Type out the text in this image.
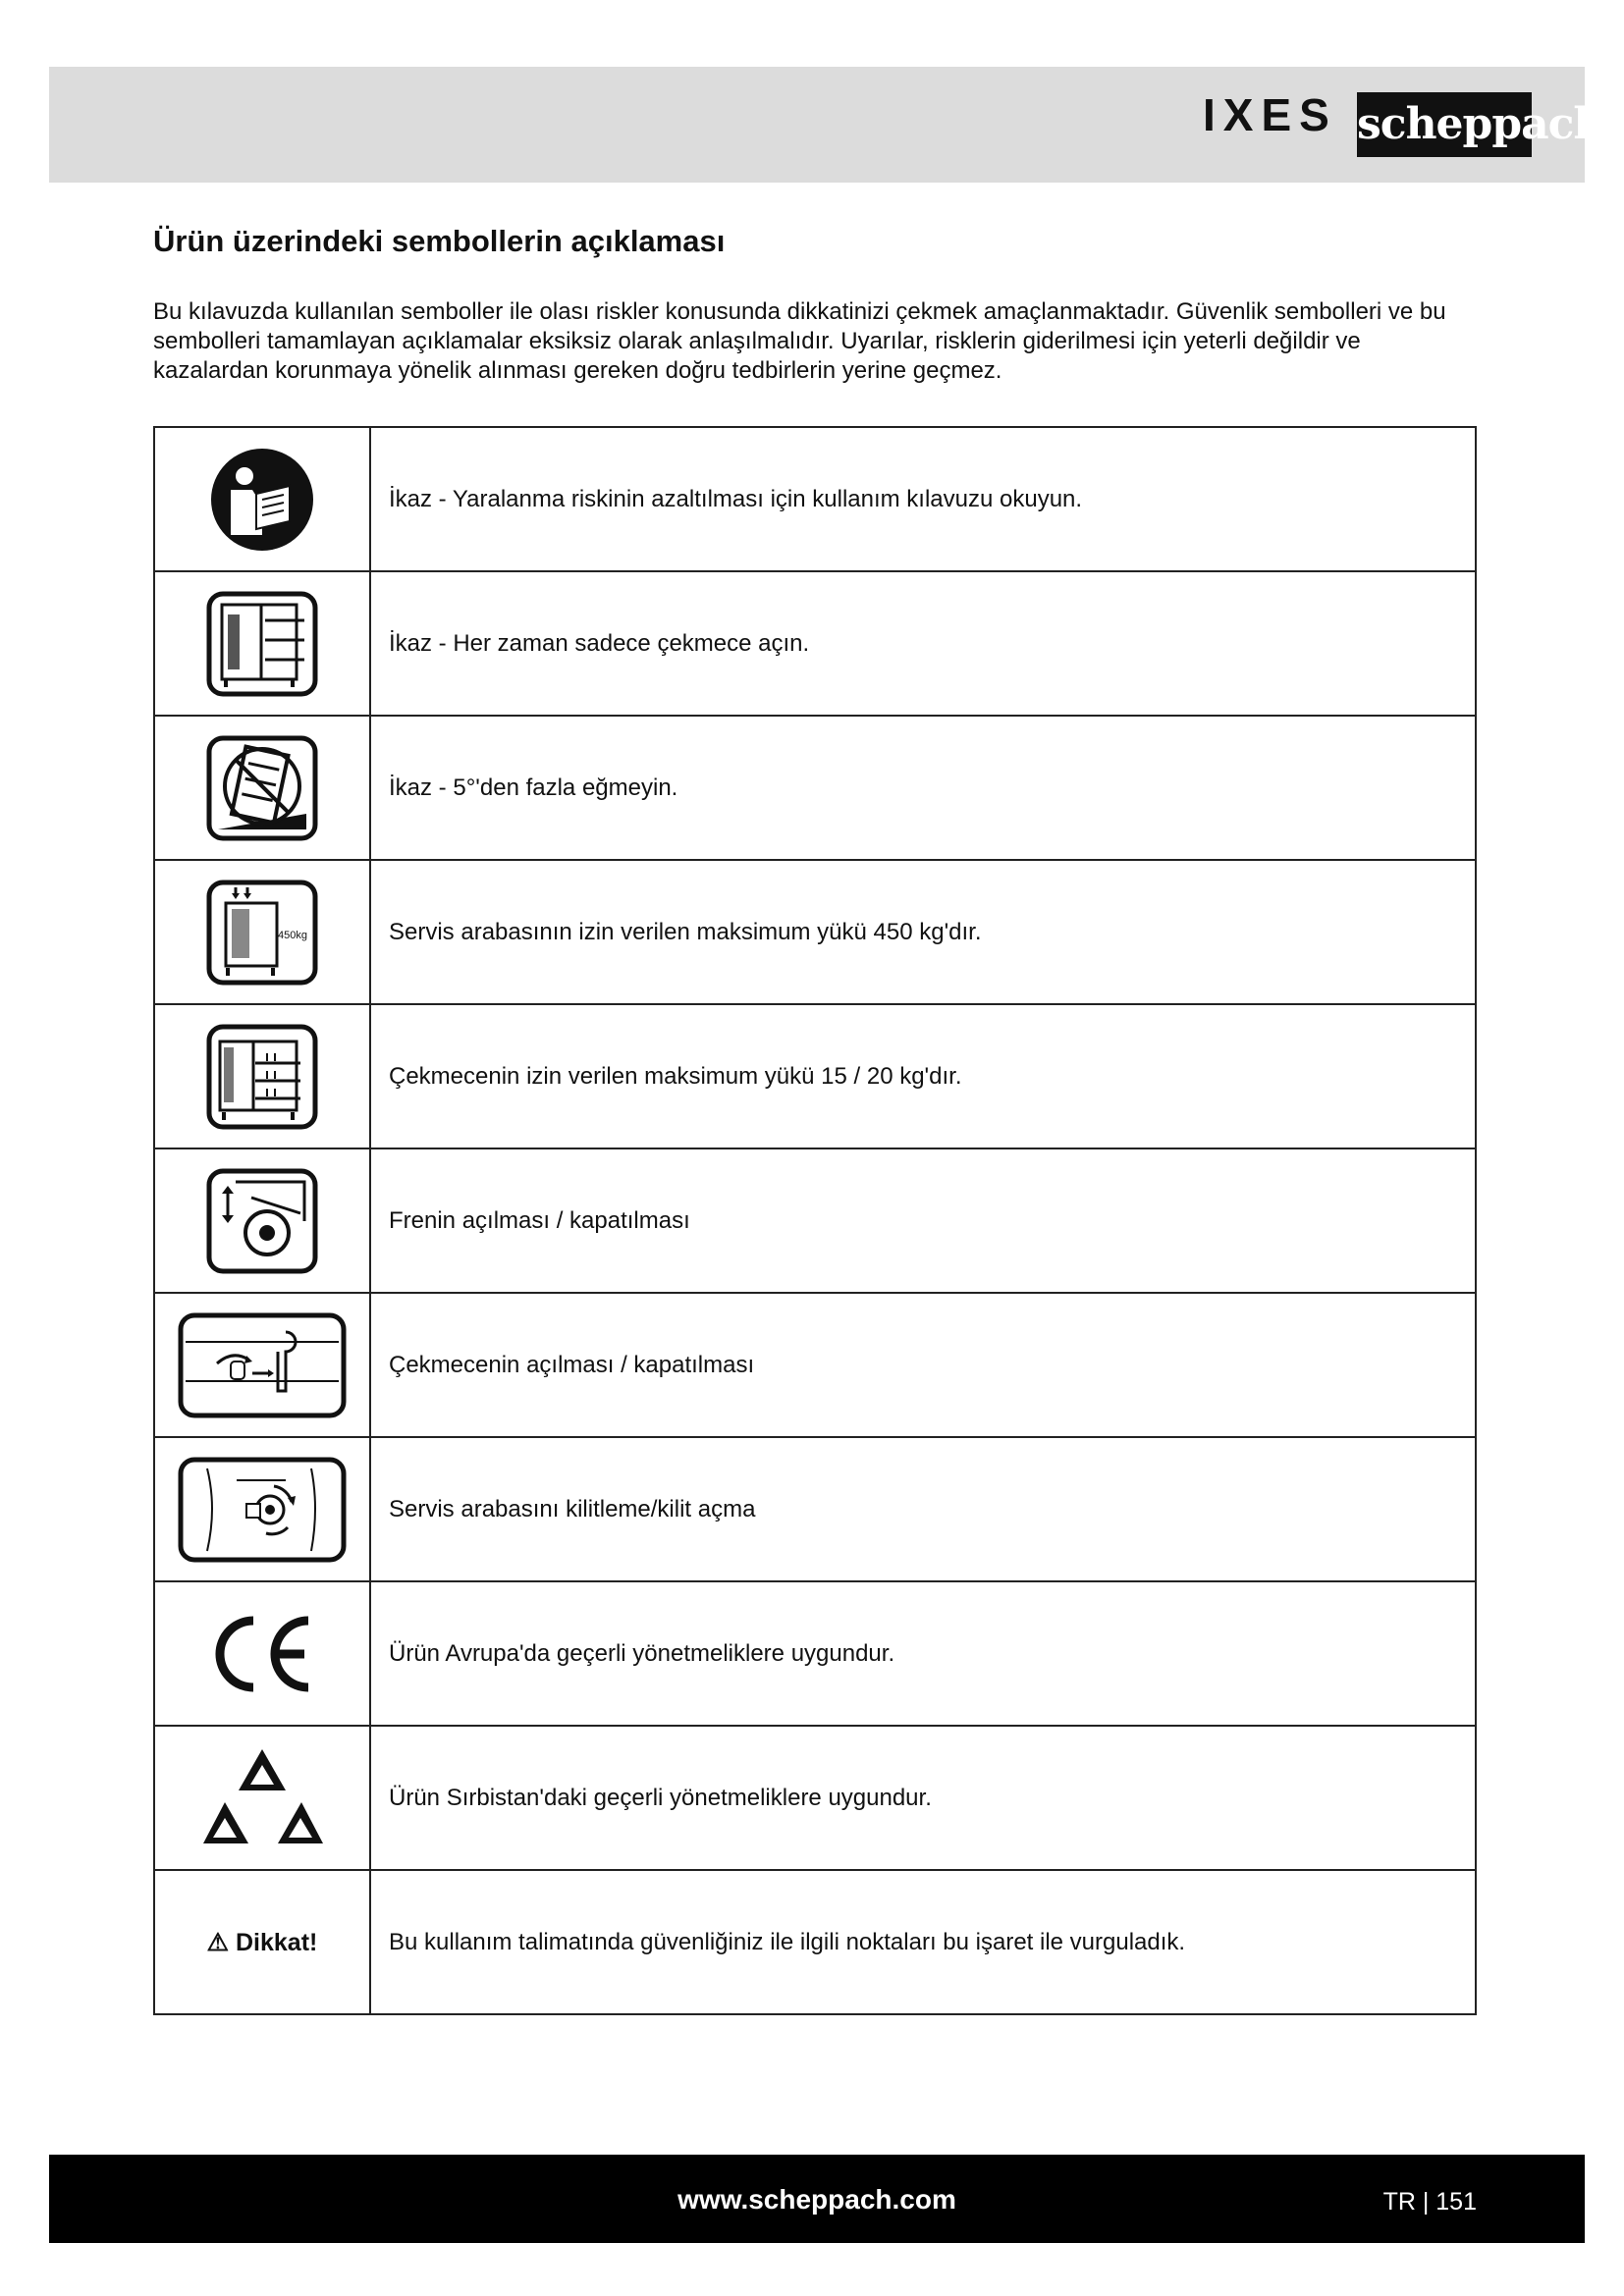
IXES scheppach
Ürün üzerindeki sembollerin açıklaması

Bu kılavuzda kullanılan semboller ile olası riskler konusunda dikkatinizi çekmek amaçlanmaktadır. Güvenlik sembolleri ve bu sembolleri tamamlayan açıklamalar eksiksiz olarak anlaşılmalıdır. Uyarılar, risklerin giderilmesi için yeterli değildir ve kazalardan korunmaya yönelik alınması gereken doğru tedbirlerin yerine geçmez.

	İkaz - Yaralanma riskinin azaltılması için kullanım kılavuzu okuyun.
	İkaz - Her zaman sadece çekmece açın.
	İkaz - 5°'den fazla eğmeyin.

450kg	Servis arabasının izin verilen maksimum yükü 450 kg'dır.
	Çekmecenin izin verilen maksimum yükü 15 / 20 kg'dır.
	Frenin açılması / kapatılması
	Çekmecenin açılması / kapatılması
	Servis arabasını kilitleme/kilit açma
	Ürün Avrupa'da geçerli yönetmeliklere uygundur.
	Ürün Sırbistan'daki geçerli yönetmeliklere uygundur.
⚠ Dikkat!	Bu kullanım talimatında güvenliğiniz ile ilgili noktaları bu işaret ile vurguladık.

www.scheppach.com	TR | 151
